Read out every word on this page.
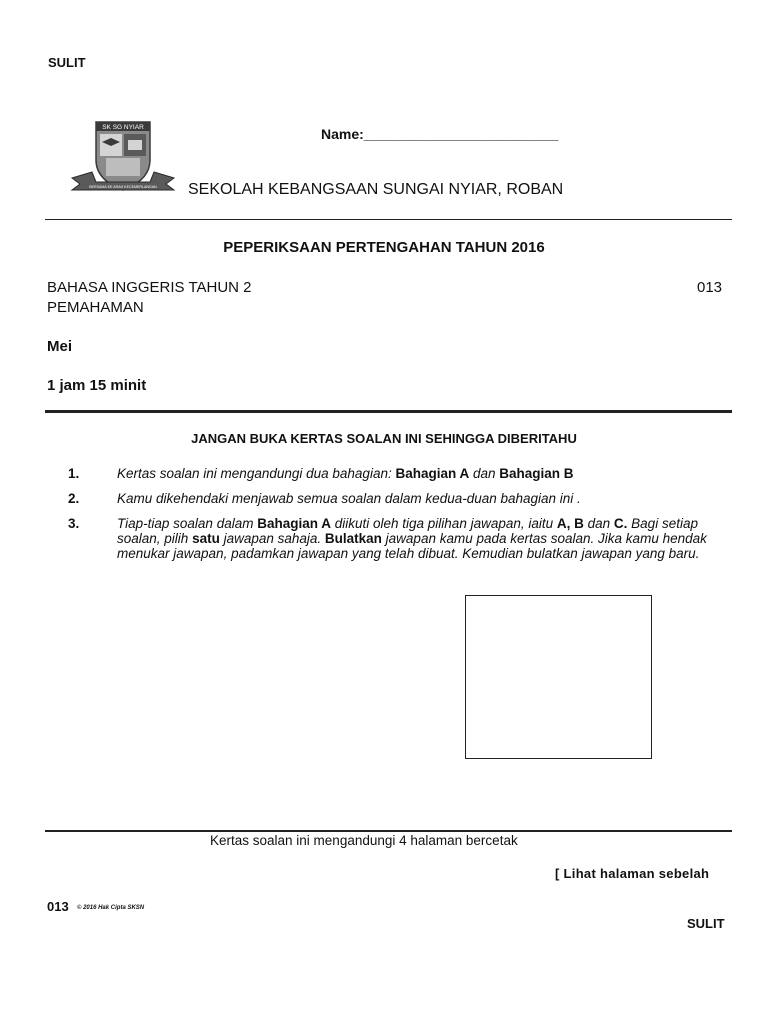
SULIT
SK SG NYIAR
BERSAMA KE ARAH KECEMERLANGAN
Name:_________________________
SEKOLAH KEBANGSAAN SUNGAI NYIAR, ROBAN
PEPERIKSAAN PERTENGAHAN TAHUN 2016
BAHASA INGGERIS TAHUN 2	013
PEMAHAMAN
Mei
1 jam 15 minit
JANGAN BUKA KERTAS SOALAN INI SEHINGGA DIBERITAHU
1.	Kertas soalan ini mengandungi dua bahagian: Bahagian A dan Bahagian B
2.	Kamu dikehendaki menjawab semua soalan dalam kedua-duan bahagian ini .
3.	Tiap-tiap soalan dalam Bahagian A diikuti oleh tiga pilihan jawapan, iaitu A, B dan C. Bagi setiap soalan, pilih satu jawapan sahaja. Bulatkan jawapan kamu pada kertas soalan. Jika kamu hendak menukar jawapan, padamkan jawapan yang telah dibuat. Kemudian bulatkan jawapan yang baru.
Kertas soalan ini mengandungi 4 halaman bercetak
[ Lihat halaman sebelah
013 © 2016 Hak Cipta SKSN
SULIT
